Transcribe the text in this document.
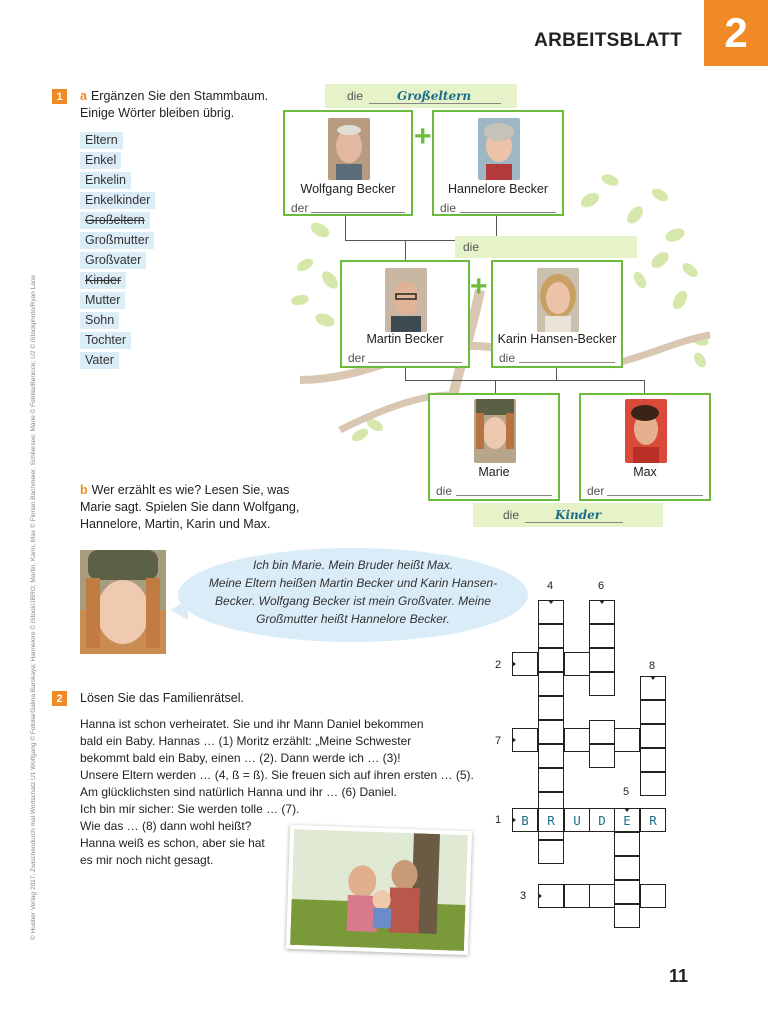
ARBEITSBLATT	2
© Hueber Verlag 2017, Zwischendurch mal Wortschatz U1 Wolfgang © Fotolia/Galina Barskaya; Hannelore © iStock/JBRO; Martin, Karin, Max © Florian Bachmeier, Schliersee; Marie © Fotolia/Benicce; U2 © iStockphoto/Ryan Lane
1	a Ergänzen Sie den Stammbaum.
Einige Wörter bleiben übrig.
Eltern
Enkel
Enkelin
Enkelkinder
Großeltern
Großmutter
Großvater
Kinder
Mutter
Sohn
Tochter
Vater
die	Großeltern
Wolfgang Becker
der
+
Hannelore Becker
die
die
Martin Becker
der
+
Karin Hansen-Becker
die
Marie
die
Max
der
die	Kinder
b Wer erzählt es wie? Lesen Sie, was
Marie sagt. Spielen Sie dann Wolfgang,
Hannelore, Martin, Karin und Max.
Ich bin Marie. Mein Bruder heißt Max.
Meine Eltern heißen Martin Becker und Karin Hansen-
Becker. Wolfgang Becker ist mein Großvater. Meine
Großmutter heißt Hannelore Becker.
2	Lösen Sie das Familienrätsel.
Hanna ist schon verheiratet. Sie und ihr Mann Daniel bekommen
bald ein Baby. Hannas … (1) Moritz erzählt: „Meine Schwester
bekommt bald ein Baby, einen … (2). Dann werde ich … (3)!
Unsere Eltern werden … (4, ß = ß). Sie freuen sich auf ihren ersten … (5).
Am glücklichsten sind natürlich Hanna und ihr … (6) Daniel.
Ich bin mir sicher: Sie werden tolle … (7).
Wie das … (8) dann wohl heißt?
Hanna weiß es schon, aber sie hat
es mir noch nicht gesagt.
B	U	D	E	R
4	6
2	8
7
5
1
3
R
11
